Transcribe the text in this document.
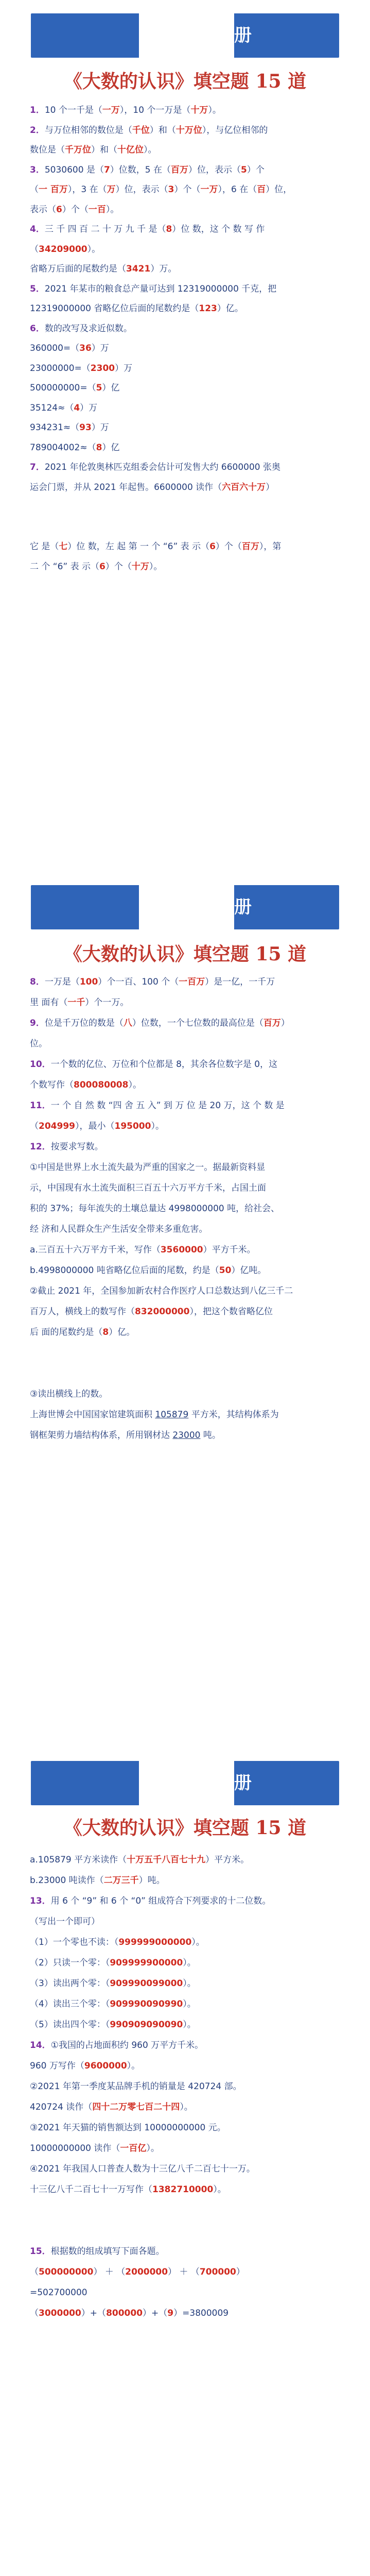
册
《大数的认识》填空题 15 道
1．10 个一千是（一万），10 个一万是（十万）。
2．与万位相邻的数位是（千位）和（十万位），与亿位相邻的
数位是（千万位）和（十亿位）。
3．5030600 是（7）位数，5 在（百万）位，表示（5）个
（一 百万），3 在（万）位，表示（3）个（一万），6 在（百）位，
表示（6）个（一百）。
4．三 千 四 百 二 十 万 九 千 是（8）位 数，这 个 数 写 作
（34209000）。
省略万后面的尾数约是（3421）万。
5．2021 年某市的粮食总产量可达到 12319000000 千克，把
12319000000 省略亿位后面的尾数约是（123）亿。
6．数的改写及求近似数。
360000=（36）万
23000000=（2300）万
500000000=（5）亿
35124≈（4）万
934231≈（93）万
789004002≈（8）亿
7．2021 年伦敦奥林匹克组委会估计可发售大约 6600000 张奥
运会门票，并从 2021 年起售。6600000 读作（六百六十万）
它 是（七）位 数，左 起 第 一 个 “6” 表 示（6）个（百万），第
二 个 “6” 表 示（6）个（十万）。
册
《大数的认识》填空题 15 道
8．一万是（100）个一百、100 个（一百万）是一亿，一千万
里 面有（一千）个一万。
9．位是千万位的数是（八）位数，一个七位数的最高位是（百万）
位。
10．一个数的亿位、万位和个位都是 8，其余各位数字是 0，这
个数写作（800080008）。
11．一 个 自 然 数 “四 舍 五 入” 到 万 位 是 20 万，这 个 数 是
（204999），最小（195000）。
12．按要求写数。
①中国是世界上水土流失最为严重的国家之一。据最新资料显
示，中国现有水土流失面积三百五十六万平方千米，占国土面
积的 37%；每年流失的土壤总量达 4998000000 吨，给社会、
经 济和人民群众生产生活安全带来多重危害。
a.三百五十六万平方千米，写作（3560000）平方千米。
b.4998000000 吨省略亿位后面的尾数，约是（50）亿吨。
②截止 2021 年，全国参加新农村合作医疗人口总数达到八亿三千二
百万人，横线上的数写作（832000000），把这个数省略亿位
后 面的尾数约是（8）亿。
③读出横线上的数。
上海世博会中国国家馆建筑面积 105879 平方米，其结构体系为
钢框架剪力墙结构体系，所用钢材达 23000 吨。
册
《大数的认识》填空题 15 道
a.105879 平方米读作（十万五千八百七十九）平方米。
b.23000 吨读作（二万三千）吨。
13．用 6 个 “9” 和 6 个 “0” 组成符合下列要求的十二位数。
（写出一个即可）
（1）一个零也不读：（999999000000）。
（2）只读一个零：（909999900000）。
（3）读出两个零：（909990099000）。
（4）读出三个零：（909990090990）。
（5）读出四个零：（990909090090）。
14．①我国的占地面积约 960 万平方千米。
960 万写作（9600000）。
②2021 年第一季度某品牌手机的销量是 420724 部。
420724 读作（四十二万零七百二十四）。
③2021 年天猫的销售额达到 10000000000 元。
10000000000 读作（一百亿）。
④2021 年我国人口普查人数为十三亿八千二百七十一万。
十三亿八千二百七十一万写作（1382710000）。
15．根据数的组成填写下面各题。
（500000000） ＋ （2000000） ＋ （700000）
=502700000
（3000000）+（800000）+（9）=3800009
